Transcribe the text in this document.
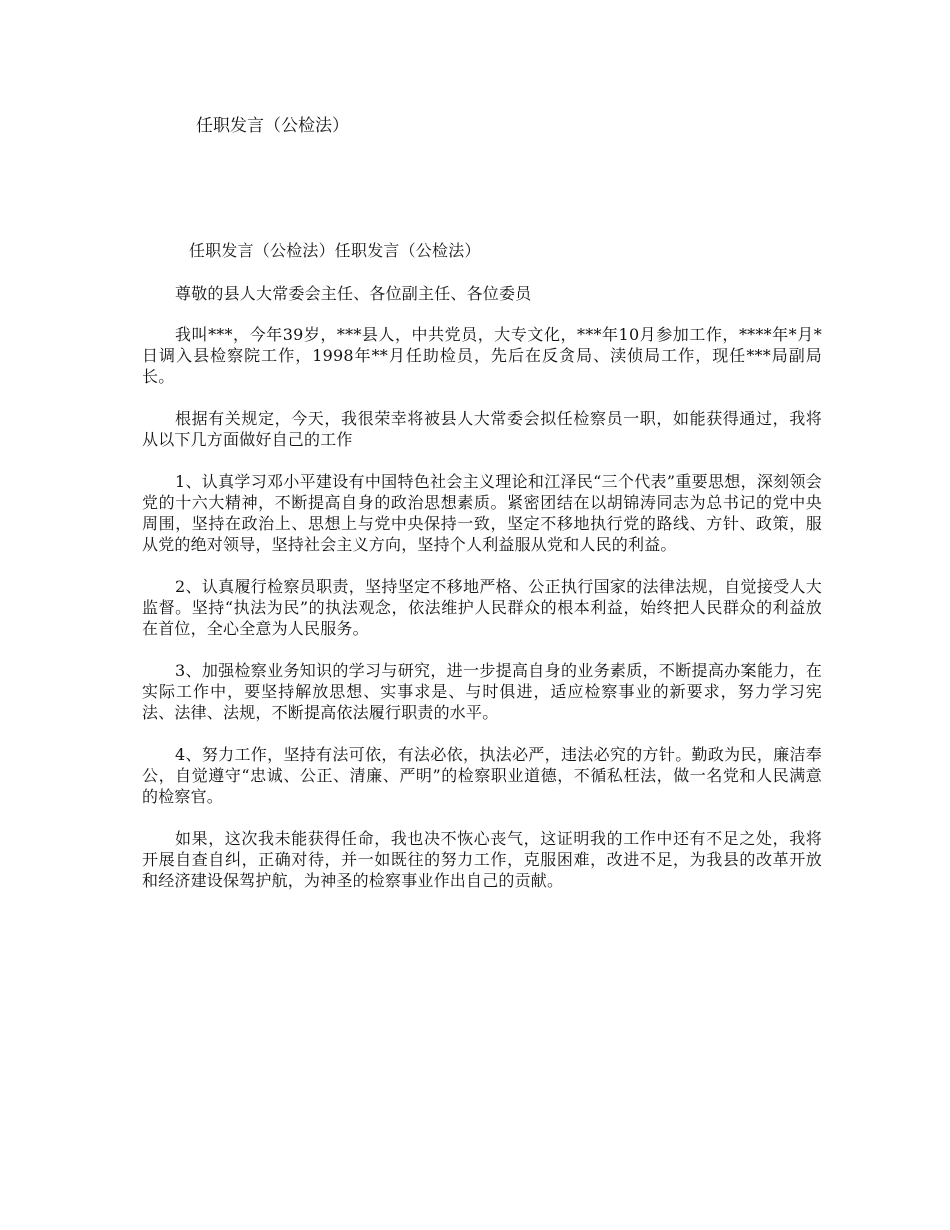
任职发言（公检法）
任职发言（公检法）任职发言（公检法）
尊敬的县人大常委会主任、各位副主任、各位委员

我叫***，今年39岁，***县人，中共党员，大专文化，***年10月参加工作，****年*月*日调入县检察院工作，1998年**月任助检员，先后在反贪局、渎侦局工作，现任***局副局长。

根据有关规定，今天，我很荣幸将被县人大常委会拟任检察员一职，如能获得通过，我将从以下几方面做好自己的工作

1、认真学习邓小平建设有中国特色社会主义理论和江泽民“三个代表”重要思想，深刻领会党的十六大精神，不断提高自身的政治思想素质。紧密团结在以胡锦涛同志为总书记的党中央周围，坚持在政治上、思想上与党中央保持一致，坚定不移地执行党的路线、方针、政策，服从党的绝对领导，坚持社会主义方向，坚持个人利益服从党和人民的利益。

2、认真履行检察员职责，坚持坚定不移地严格、公正执行国家的法律法规，自觉接受人大监督。坚持“执法为民”的执法观念，依法维护人民群众的根本利益，始终把人民群众的利益放在首位，全心全意为人民服务。

3、加强检察业务知识的学习与研究，进一步提高自身的业务素质，不断提高办案能力，在实际工作中，要坚持解放思想、实事求是、与时俱进，适应检察事业的新要求，努力学习宪法、法律、法规，不断提高依法履行职责的水平。

4、努力工作，坚持有法可依，有法必依，执法必严，违法必究的方针。勤政为民，廉洁奉公，自觉遵守“忠诚、公正、清廉、严明”的检察职业道德，不循私枉法，做一名党和人民满意的检察官。

如果，这次我未能获得任命，我也决不恢心丧气，这证明我的工作中还有不足之处，我将开展自查自纠，正确对待，并一如既往的努力工作，克服困难，改进不足，为我县的改革开放和经济建设保驾护航，为神圣的检察事业作出自己的贡献。
